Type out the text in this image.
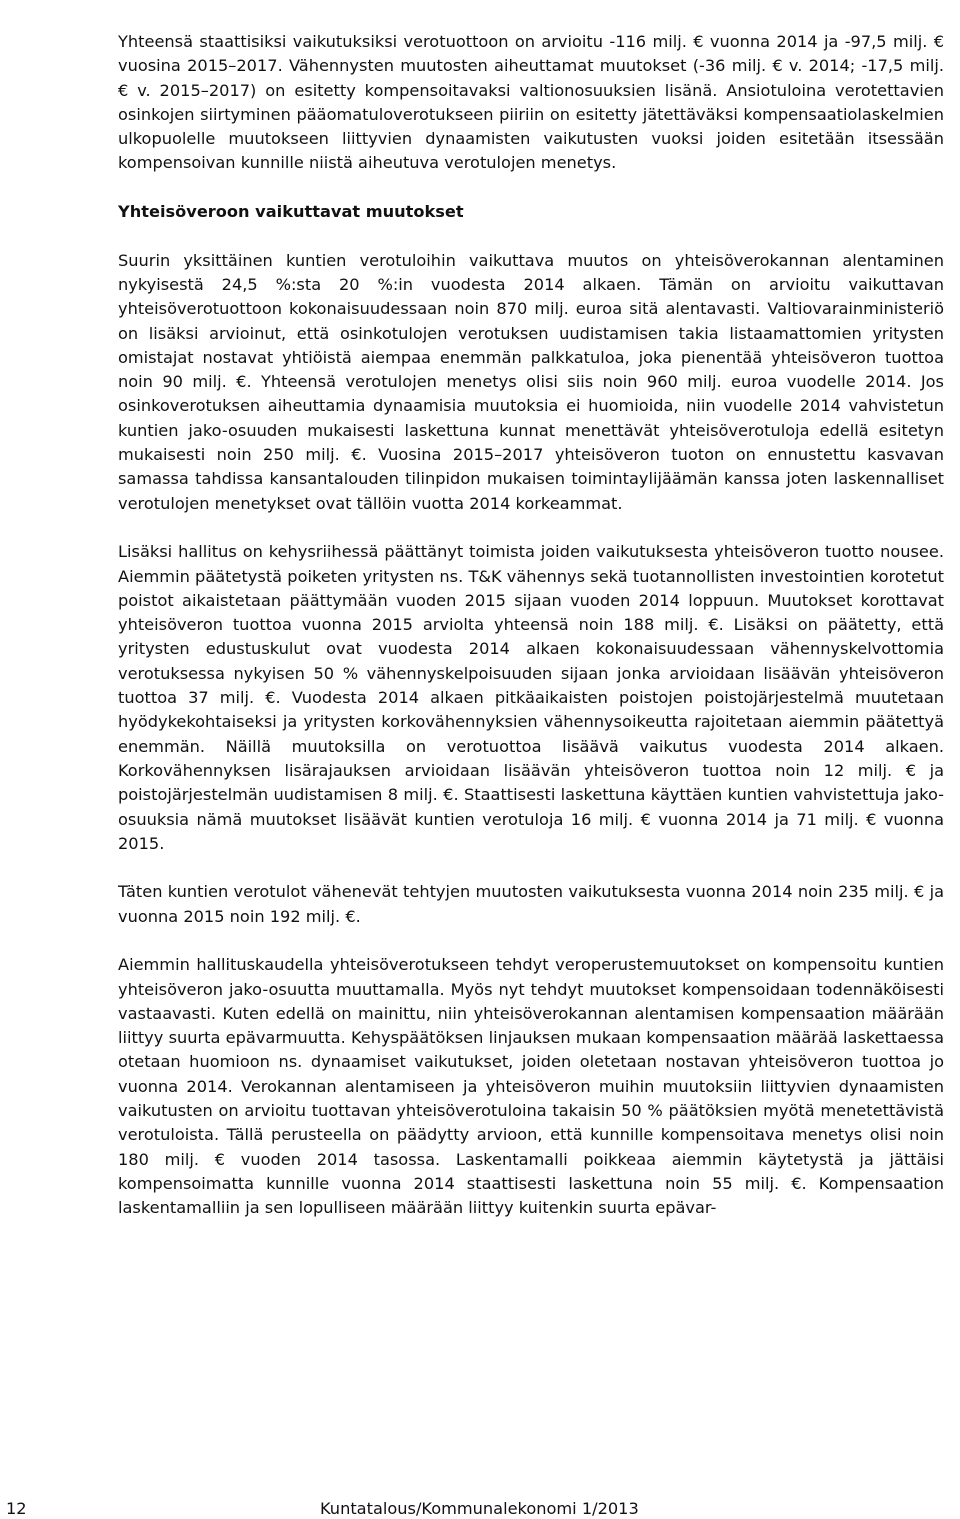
Yhteensä staattisiksi vaikutuksiksi verotuottoon on arvioitu -116 milj. € vuonna 2014 ja -97,5 milj. € vuosina 2015–2017. Vähennysten muutosten aiheuttamat muutokset (-36 milj. € v. 2014; -17,5 milj. € v. 2015–2017) on esitetty kompensoitavaksi valtionosuuksien lisänä. Ansiotuloina verotettavien osinkojen siirtyminen pääomatuloverotukseen piiriin on esitetty jätettäväksi kompensaatiolaskelmien ulkopuolelle muutokseen liittyvien dynaamisten vaikutusten vuoksi joiden esitetään itsessään kompensoivan kunnille niistä aiheutuva verotulojen menetys.

Yhteisöveroon vaikuttavat muutokset

Suurin yksittäinen kuntien verotuloihin vaikuttava muutos on yhteisöverokannan alentaminen nykyisestä 24,5 %:sta 20 %:in vuodesta 2014 alkaen. Tämän on arvioitu vaikuttavan yhteisöverotuottoon kokonaisuudessaan noin 870 milj. euroa sitä alentavasti. Valtiovarainministeriö on lisäksi arvioinut, että osinkotulojen verotuksen uudistamisen takia listaamattomien yritysten omistajat nostavat yhtiöistä aiempaa enemmän palkkatuloa, joka pienentää yhteisöveron tuottoa noin 90 milj. €. Yhteensä verotulojen menetys olisi siis noin 960 milj. euroa vuodelle 2014. Jos osinkoverotuksen aiheuttamia dynaamisia muutoksia ei huomioida, niin vuodelle 2014 vahvistetun kuntien jako-osuuden mukaisesti laskettuna kunnat menettävät yhteisöverotuloja edellä esitetyn mukaisesti noin 250 milj. €. Vuosina 2015–2017 yhteisöveron tuoton on ennustettu kasvavan samassa tahdissa kansantalouden tilinpidon mukaisen toimintaylijäämän kanssa joten laskennalliset verotulojen menetykset ovat tällöin vuotta 2014 korkeammat.

Lisäksi hallitus on kehysriihessä päättänyt toimista joiden vaikutuksesta yhteisöveron tuotto nousee. Aiemmin päätetystä poiketen yritysten ns. T&K vähennys sekä tuotannollisten investointien korotetut poistot aikaistetaan päättymään vuoden 2015 sijaan vuoden 2014 loppuun. Muutokset korottavat yhteisöveron tuottoa vuonna 2015 arviolta yhteensä noin 188 milj. €. Lisäksi on päätetty, että yritysten edustuskulut ovat vuodesta 2014 alkaen kokonaisuudessaan vähennyskelvottomia verotuksessa nykyisen 50 % vähennyskelpoisuuden sijaan jonka arvioidaan lisäävän yhteisöveron tuottoa 37 milj. €. Vuodesta 2014 alkaen pitkäaikaisten poistojen poistojärjestelmä muutetaan hyödykekohtaiseksi ja yritysten korkovähennyksien vähennysoikeutta rajoitetaan aiemmin päätettyä enemmän. Näillä muutoksilla on verotuottoa lisäävä vaikutus vuodesta 2014 alkaen. Korkovähennyksen lisärajauksen arvioidaan lisäävän yhteisöveron tuottoa noin 12 milj. € ja poistojärjestelmän uudistamisen 8 milj. €. Staattisesti laskettuna käyttäen kuntien vahvistettuja jako-osuuksia nämä muutokset lisäävät kuntien verotuloja 16 milj. € vuonna 2014 ja 71 milj. € vuonna 2015.

Täten kuntien verotulot vähenevät tehtyjen muutosten vaikutuksesta vuonna 2014 noin 235 milj. € ja vuonna 2015 noin 192 milj. €.

Aiemmin hallituskaudella yhteisöverotukseen tehdyt veroperustemuutokset on kompensoitu kuntien yhteisöveron jako-osuutta muuttamalla. Myös nyt tehdyt muutokset kompensoidaan todennäköisesti vastaavasti. Kuten edellä on mainittu, niin yhteisöverokannan alentamisen kompensaation määrään liittyy suurta epävarmuutta. Kehyspäätöksen linjauksen mukaan kompensaation määrää laskettaessa otetaan huomioon ns. dynaamiset vaikutukset, joiden oletetaan nostavan yhteisöveron tuottoa jo vuonna 2014. Verokannan alentamiseen ja yhteisöveron muihin muutoksiin liittyvien dynaamisten vaikutusten on arvioitu tuottavan yhteisöverotuloina takaisin 50 % päätöksien myötä menetettävistä verotuloista. Tällä perusteella on päädytty arvioon, että kunnille kompensoitava menetys olisi noin 180 milj. € vuoden 2014 tasossa. Laskentamalli poikkeaa aiemmin käytetystä ja jättäisi kompensoimatta kunnille vuonna 2014 staattisesti laskettuna noin 55 milj. €. Kompensaation laskentamalliin ja sen lopulliseen määrään liittyy kuitenkin suurta epävar-

12	Kuntatalous/Kommunalekonomi 1/2013
